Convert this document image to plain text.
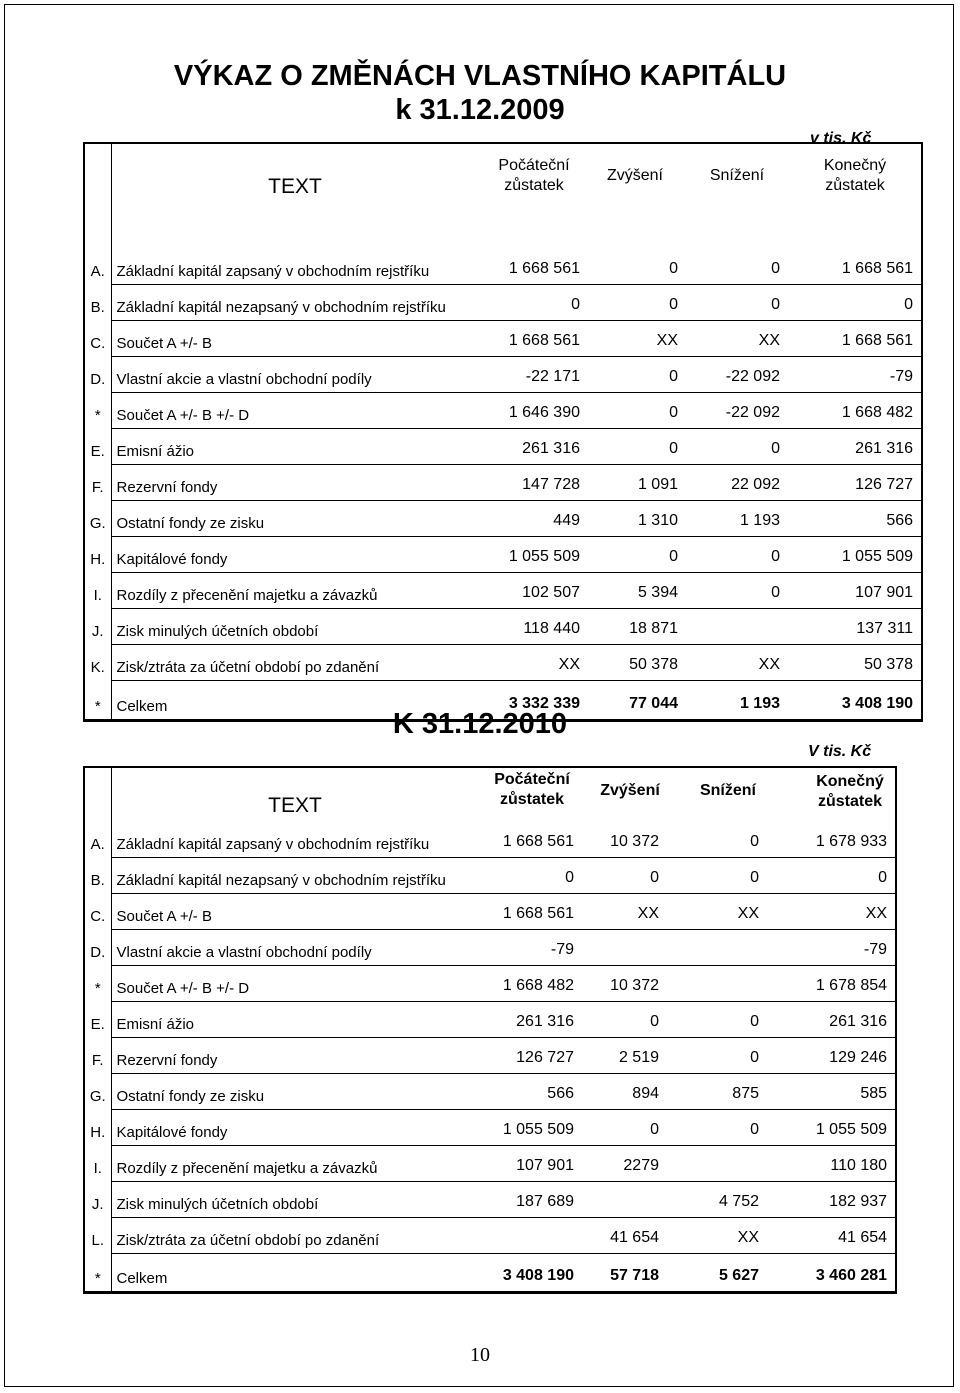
VÝKAZ O ZMĚNÁCH VLASTNÍHO KAPITÁLU
k 31.12.2009
v tis. Kč
TEXT
Počáteční
zůstatek
Zvýšení	Snížení
Konečný
zůstatek

A.	Základní kapitál zapsaný v obchodním rejstříku	1 668 561	0	0	1 668 561
B.	Základní kapitál nezapsaný v obchodním rejstříku	0	0	0	0
C.	Součet A +/- B	1 668 561	XX	XX	1 668 561
D.	Vlastní akcie a vlastní obchodní podíly	-22 171	0	-22 092	-79
*	Součet A +/- B +/- D	1 646 390	0	-22 092	1 668 482
E.	Emisní ážio	261 316	0	0	261 316
F.	Rezervní fondy	147 728	1 091	22 092	126 727
G.	Ostatní fondy ze zisku	449	1 310	1 193	566
H.	Kapitálové fondy	1 055 509	0	0	1 055 509
I.	Rozdíly z přecenění majetku a závazků	102 507	5 394	0	107 901
J.	Zisk minulých účetních období	118 440	18 871		137 311
K.	Zisk/ztráta za účetní období po zdanění	XX	50 378	XX	50 378
*	Celkem	3 332 339	77 044	1 193	3 408 190
K 31.12.2010
V tis. Kč
TEXT
Počáteční
zůstatek
Zvýšení	Snížení
Konečný
zůstatek

A.	Základní kapitál zapsaný v obchodním rejstříku	1 668 561	10 372	0	1 678 933
B.	Základní kapitál nezapsaný v obchodním rejstříku	0	0	0	0
C.	Součet A +/- B	1 668 561	XX	XX	XX
D.	Vlastní akcie a vlastní obchodní podíly	-79			-79
*	Součet A +/- B +/- D	1 668 482	10 372		1 678 854
E.	Emisní ážio	261 316	0	0	261 316
F.	Rezervní fondy	126 727	2 519	0	129 246
G.	Ostatní fondy ze zisku	566	894	875	585
H.	Kapitálové fondy	1 055 509	0	0	1 055 509
I.	Rozdíly z přecenění majetku a závazků	107 901	2279		110 180
J.	Zisk minulých účetních období	187 689		4 752	182 937
L.	Zisk/ztráta za účetní období po zdanění		41 654	XX	41 654
*	Celkem	3 408 190	57 718	5 627	3 460 281
10
